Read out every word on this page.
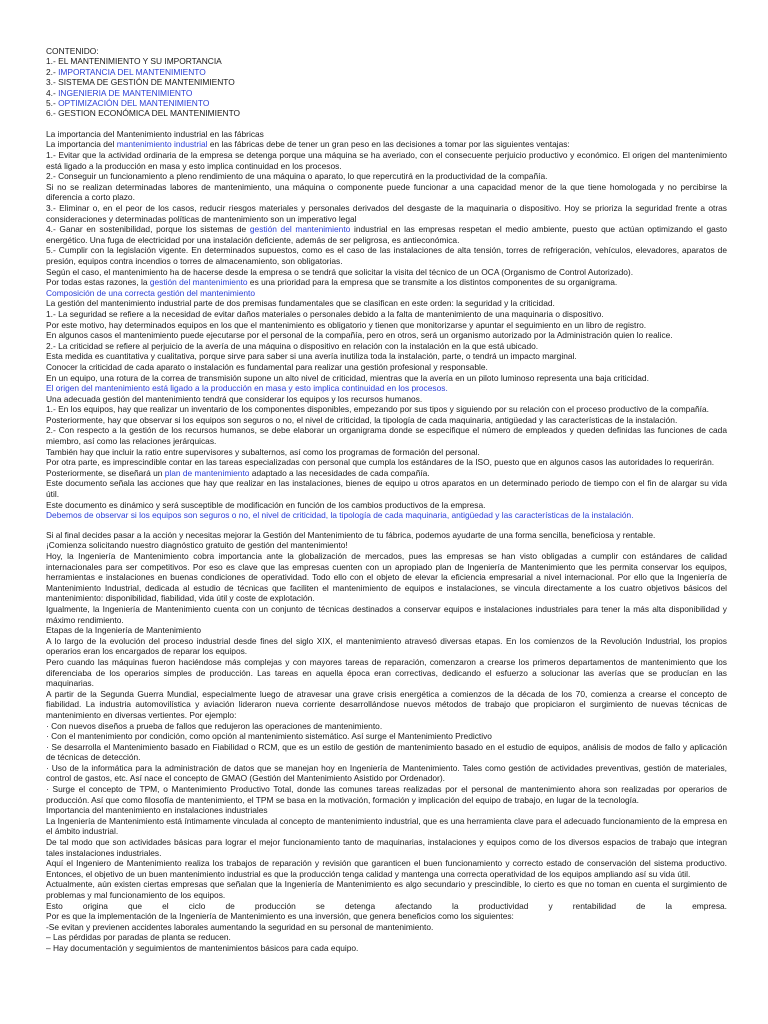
CONTENIDO:
1.- EL MANTENIMIENTO Y SU IMPORTANCIA
2.- IMPORTANCIA DEL MANTENIMIENTO
3.- SISTEMA DE GESTIÓN DE MANTENIMIENTO
4.- INGENIERIA DE MANTENIMIENTO
5.- OPTIMIZACIÓN DEL MANTENIMIENTO
6.- GESTION ECONÓMICA DEL MANTENIMIENTO
La importancia del Mantenimiento industrial en las fábricas
La importancia del mantenimiento industrial en las fábricas debe de tener un gran peso en las decisiones a tomar por las siguientes ventajas:
1.- Evitar que la actividad ordinaria de la empresa se detenga porque una máquina se ha averiado, con el consecuente perjuicio productivo y económico. El origen del mantenimiento está ligado a la producción en masa y esto implica continuidad en los procesos.
2.- Conseguir un funcionamiento a pleno rendimiento de una máquina o aparato, lo que repercutirá en la productividad de la compañía.
Si no se realizan determinadas labores de mantenimiento, una máquina o componente puede funcionar a una capacidad menor de la que tiene homologada y no percibirse la diferencia a corto plazo.
3.- Eliminar o, en el peor de los casos, reducir riesgos materiales y personales derivados del desgaste de la maquinaria o dispositivo. Hoy se prioriza la seguridad frente a otras consideraciones y determinadas políticas de mantenimiento son un imperativo legal
4.- Ganar en sostenibilidad, porque los sistemas de gestión del mantenimiento industrial en las empresas respetan el medio ambiente, puesto que actúan optimizando el gasto energético. Una fuga de electricidad por una instalación deficiente, además de ser peligrosa, es antieconómica.
5.- Cumplir con la legislación vigente. En determinados supuestos, como es el caso de las instalaciones de alta tensión, torres de refrigeración, vehículos, elevadores, aparatos de presión, equipos contra incendios o torres de almacenamiento, son obligatorias.
Según el caso, el mantenimiento ha de hacerse desde la empresa o se tendrá que solicitar la visita del técnico de un OCA (Organismo de Control Autorizado).
Por todas estas razones, la gestión del mantenimiento es una prioridad para la empresa que se transmite a los distintos componentes de su organigrama.
Composición de una correcta gestión del mantenimiento
La gestión del mantenimiento industrial parte de dos premisas fundamentales que se clasifican en este orden: la seguridad y la criticidad.
1.- La seguridad se refiere a la necesidad de evitar daños materiales o personales debido a la falta de mantenimiento de una maquinaria o dispositivo.
Por este motivo, hay determinados equipos en los que el mantenimiento es obligatorio y tienen que monitorizarse y apuntar el seguimiento en un libro de registro.
En algunos casos el mantenimiento puede ejecutarse por el personal de la compañía, pero en otros, será un organismo autorizado por la Administración quien lo realice.
2.- La criticidad se refiere al perjuicio de la avería de una máquina o dispositivo en relación con la instalación en la que está ubicado.
Esta medida es cuantitativa y cualitativa, porque sirve para saber si una avería inutiliza toda la instalación, parte, o tendrá un impacto marginal.
Conocer la criticidad de cada aparato o instalación es fundamental para realizar una gestión profesional y responsable.
En un equipo, una rotura de la correa de transmisión supone un alto nivel de criticidad, mientras que la avería en un piloto luminoso representa una baja criticidad.
El origen del mantenimiento está ligado a la producción en masa y esto implica continuidad en los procesos.
Una adecuada gestión del mantenimiento tendrá que considerar los equipos y los recursos humanos.
1.- En los equipos, hay que realizar un inventario de los componentes disponibles, empezando por sus tipos y siguiendo por su relación con el proceso productivo de la compañía.
Posteriormente, hay que observar si los equipos son seguros o no, el nivel de criticidad, la tipología de cada maquinaria, antigüedad y las características de la instalación.
2.- Con respecto a la gestión de los recursos humanos, se debe elaborar un organigrama donde se especifique el número de empleados y queden definidas las funciones de cada miembro, así como las relaciones jerárquicas.
También hay que incluir la ratio entre supervisores y subalternos, así como los programas de formación del personal.
Por otra parte, es imprescindible contar en las tareas especializadas con personal que cumpla los estándares de la ISO, puesto que en algunos casos las autoridades lo requerirán.
Posteriormente, se diseñará un plan de mantenimiento adaptado a las necesidades de cada compañía.
Este documento señala las acciones que hay que realizar en las instalaciones, bienes de equipo u otros aparatos en un determinado periodo de tiempo con el fin de alargar su vida útil.
Este documento es dinámico y será susceptible de modificación en función de los cambios productivos de la empresa.
Debemos de observar si los equipos son seguros o no, el nivel de criticidad, la tipología de cada maquinaria, antigüedad y las características de la instalación.
Si al final decides pasar a la acción y necesitas mejorar la Gestión del Mantenimiento de tu fábrica, podemos ayudarte de una forma sencilla, beneficiosa y rentable.
¡Comienza solicitando nuestro diagnóstico gratuito de gestión del mantenimiento!
Hoy, la Ingeniería de Mantenimiento cobra importancia ante la globalización de mercados, pues las empresas se han visto obligadas a cumplir con estándares de calidad internacionales para ser competitivos. Por eso es clave que las empresas cuenten con un apropiado plan de Ingeniería de Mantenimiento que les permita conservar los equipos, herramientas e instalaciones en buenas condiciones de operatividad. Todo ello con el objeto de elevar la eficiencia empresarial a nivel internacional. Por ello que la Ingeniería de Mantenimiento Industrial, dedicada al estudio de técnicas que faciliten el mantenimiento de equipos e instalaciones, se vincula directamente a los cuatro objetivos básicos del mantenimiento: disponibilidad, fiabilidad, vida útil y coste de explotación.
Igualmente, la Ingeniería de Mantenimiento cuenta con un conjunto de técnicas destinados a conservar equipos e instalaciones industriales para tener la más alta disponibilidad y máximo rendimiento.
Etapas de la Ingeniería de Mantenimiento
A lo largo de la evolución del proceso industrial desde fines del siglo XIX, el mantenimiento atravesó diversas etapas. En los comienzos de la Revolución Industrial, los propios operarios eran los encargados de reparar los equipos.
Pero cuando las máquinas fueron haciéndose más complejas y con mayores tareas de reparación, comenzaron a crearse los primeros departamentos de mantenimiento que los diferenciaba de los operarios simples de producción. Las tareas en aquella época eran correctivas, dedicando el esfuerzo a solucionar las averías que se producían en las maquinarias.
A partir de la Segunda Guerra Mundial, especialmente luego de atravesar una grave crisis energética a comienzos de la década de los 70, comienza a crearse el concepto de fiabilidad. La industria automovilística y aviación lideraron nueva corriente desarrollándose nuevos métodos de trabajo que propiciaron el surgimiento de nuevas técnicas de mantenimiento en diversas vertientes. Por ejemplo:
· Con nuevos diseños a prueba de fallos que redujeron las operaciones de mantenimiento.
· Con el mantenimiento por condición, como opción al mantenimiento sistemático. Así surge el Mantenimiento Predictivo
· Se desarrolla el Mantenimiento basado en Fiabilidad o RCM, que es un estilo de gestión de mantenimiento basado en el estudio de equipos, análisis de modos de fallo y aplicación de técnicas de detección.
· Uso de la informática para la administración de datos que se manejan hoy en Ingeniería de Mantenimiento. Tales como gestión de actividades preventivas, gestión de materiales, control de gastos, etc. Así nace el concepto de GMAO (Gestión del Mantenimiento Asistido por Ordenador).
· Surge el concepto de TPM, o Mantenimiento Productivo Total, donde las comunes tareas realizadas por el personal de mantenimiento ahora son realizadas por operarios de producción. Así que como filosofía de mantenimiento, el TPM se basa en la motivación, formación y implicación del equipo de trabajo, en lugar de la tecnología.
Importancia del mantenimiento en instalaciones industriales
La Ingeniería de Mantenimiento está íntimamente vinculada al concepto de mantenimiento industrial, que es una herramienta clave para el adecuado funcionamiento de la empresa en el ámbito industrial.
De tal modo que son actividades básicas para lograr el mejor funcionamiento tanto de maquinarias, instalaciones y equipos como de los diversos espacios de trabajo que integran tales instalaciones industriales.
Aquí el Ingeniero de Mantenimiento realiza los trabajos de reparación y revisión que garanticen el buen funcionamiento y correcto estado de conservación del sistema productivo. Entonces, el objetivo de un buen mantenimiento industrial es que la producción tenga calidad y mantenga una correcta operatividad de los equipos ampliando así su vida útil.
Actualmente, aún existen ciertas empresas que señalan que la Ingeniería de Mantenimiento es algo secundario y prescindible, lo cierto es que no toman en cuenta el surgimiento de problemas y mal funcionamiento de los equipos.
Esto origina que el ciclo de producción se detenga afectando la productividad y rentabilidad de la empresa.
Por es que la implementación de la Ingeniería de Mantenimiento es una inversión, que genera beneficios como los siguientes:
-Se evitan y previenen accidentes laborales aumentando la seguridad en su personal de mantenimiento.
– Las pérdidas por paradas de planta se reducen.
– Hay documentación y seguimientos de mantenimientos básicos para cada equipo.
